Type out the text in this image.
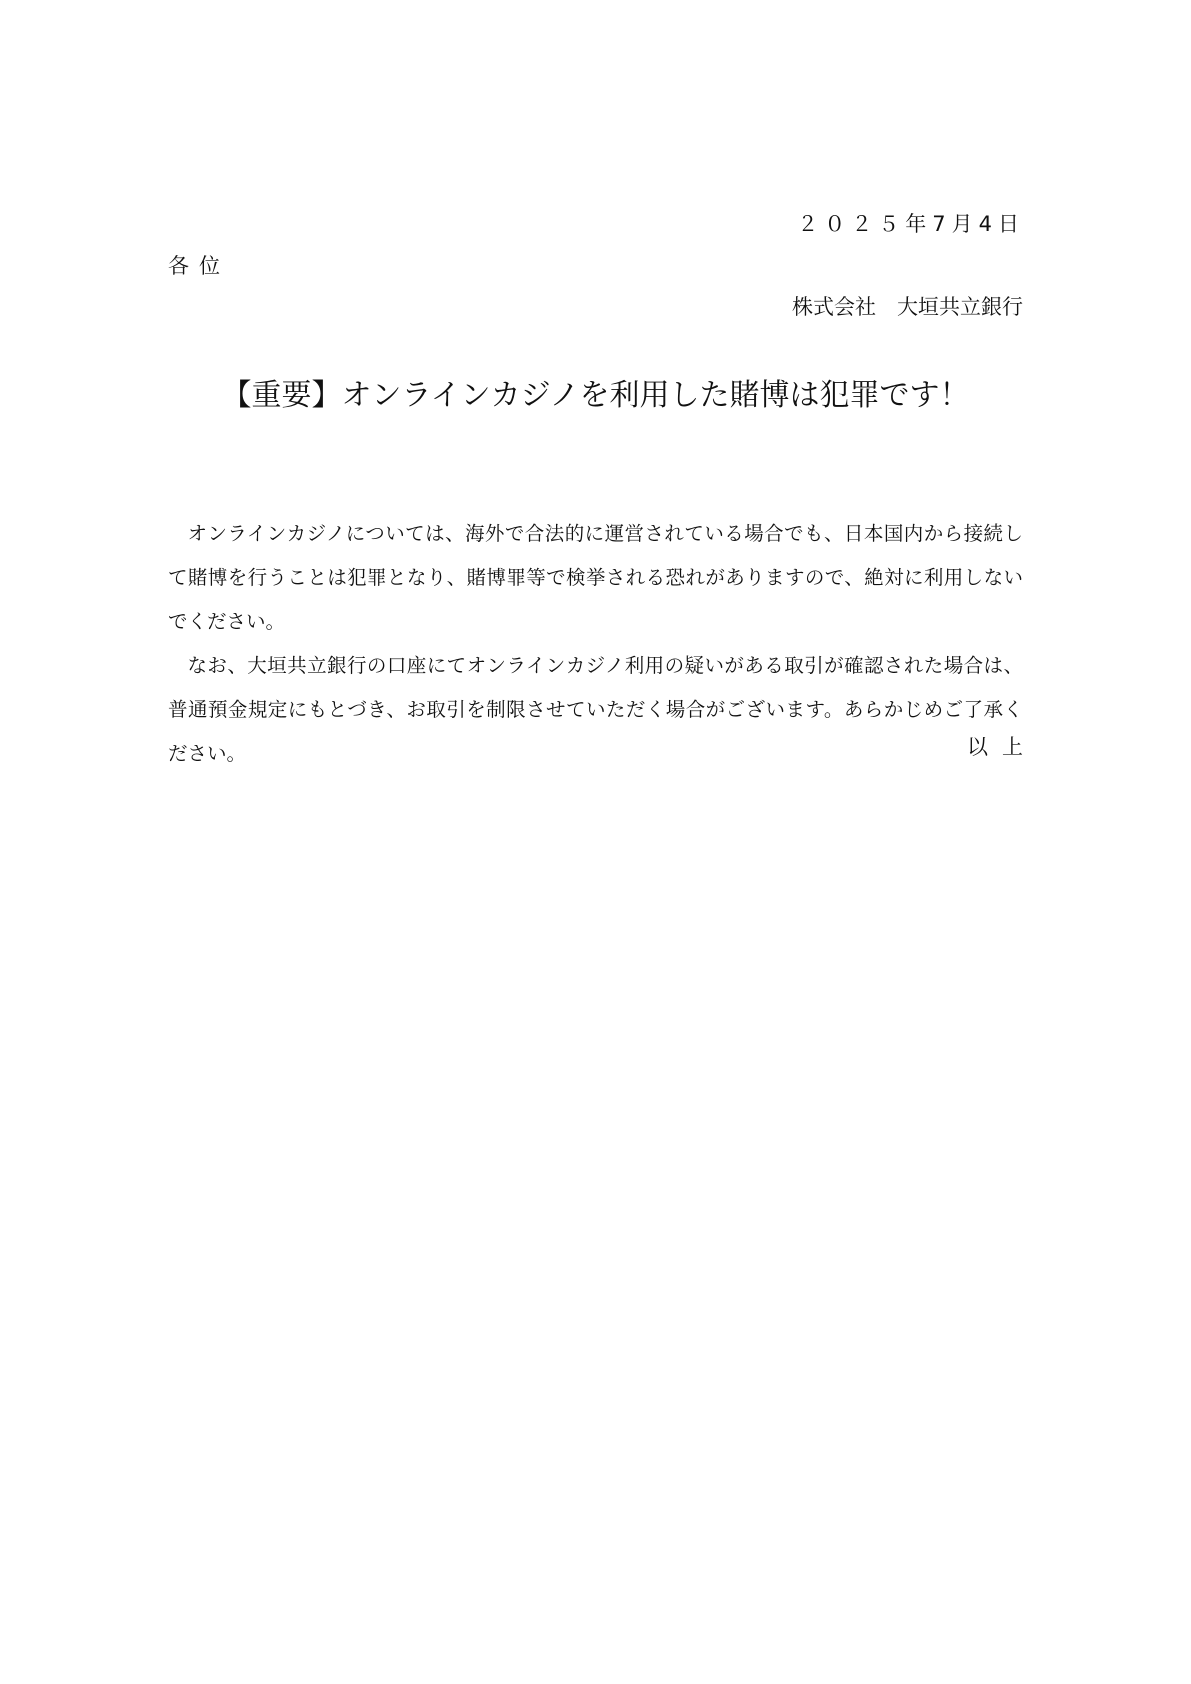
２０２５年7月4日
各位
株式会社　大垣共立銀行
【重要】オンラインカジノを利用した賭博は犯罪です！

オンラインカジノについては、海外で合法的に運営されている場合でも、日本国内から接続して賭博を行うことは犯罪となり、賭博罪等で検挙される恐れがありますので、絶対に利用しないでください。

なお、大垣共立銀行の口座にてオンラインカジノ利用の疑いがある取引が確認された場合は、普通預金規定にもとづき、お取引を制限させていただく場合がございます。あらかじめご了承ください。	以上
